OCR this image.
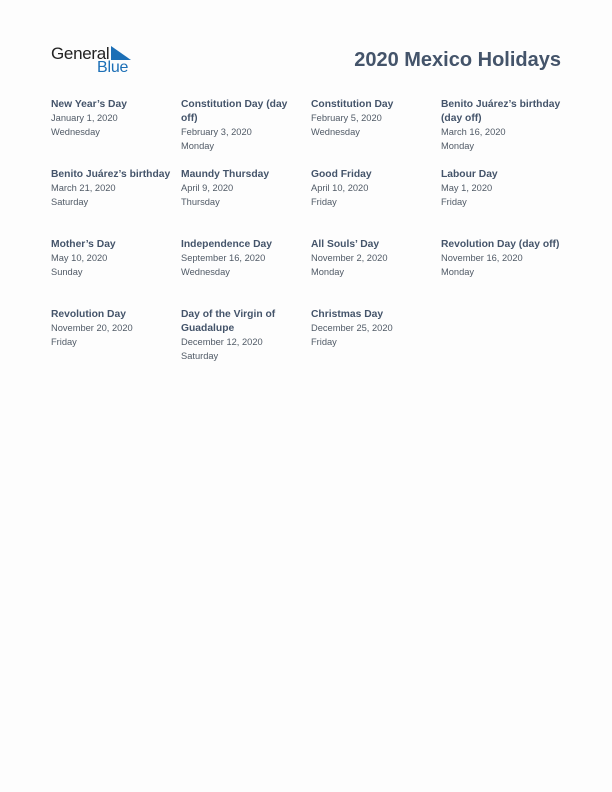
General
Blue	2020 Mexico Holidays
New Year’s Day
January 1, 2020
Wednesday
Constitution Day (day off)
February 3, 2020
Monday
Constitution Day
February 5, 2020
Wednesday
Benito Juárez’s birthday (day off)
March 16, 2020
Monday
Benito Juárez’s birthday
March 21, 2020
Saturday
Maundy Thursday
April 9, 2020
Thursday
Good Friday
April 10, 2020
Friday
Labour Day
May 1, 2020
Friday
Mother’s Day
May 10, 2020
Sunday
Independence Day
September 16, 2020
Wednesday
All Souls’ Day
November 2, 2020
Monday
Revolution Day (day off)
November 16, 2020
Monday
Revolution Day
November 20, 2020
Friday
Day of the Virgin of Guadalupe
December 12, 2020
Saturday
Christmas Day
December 25, 2020
Friday
